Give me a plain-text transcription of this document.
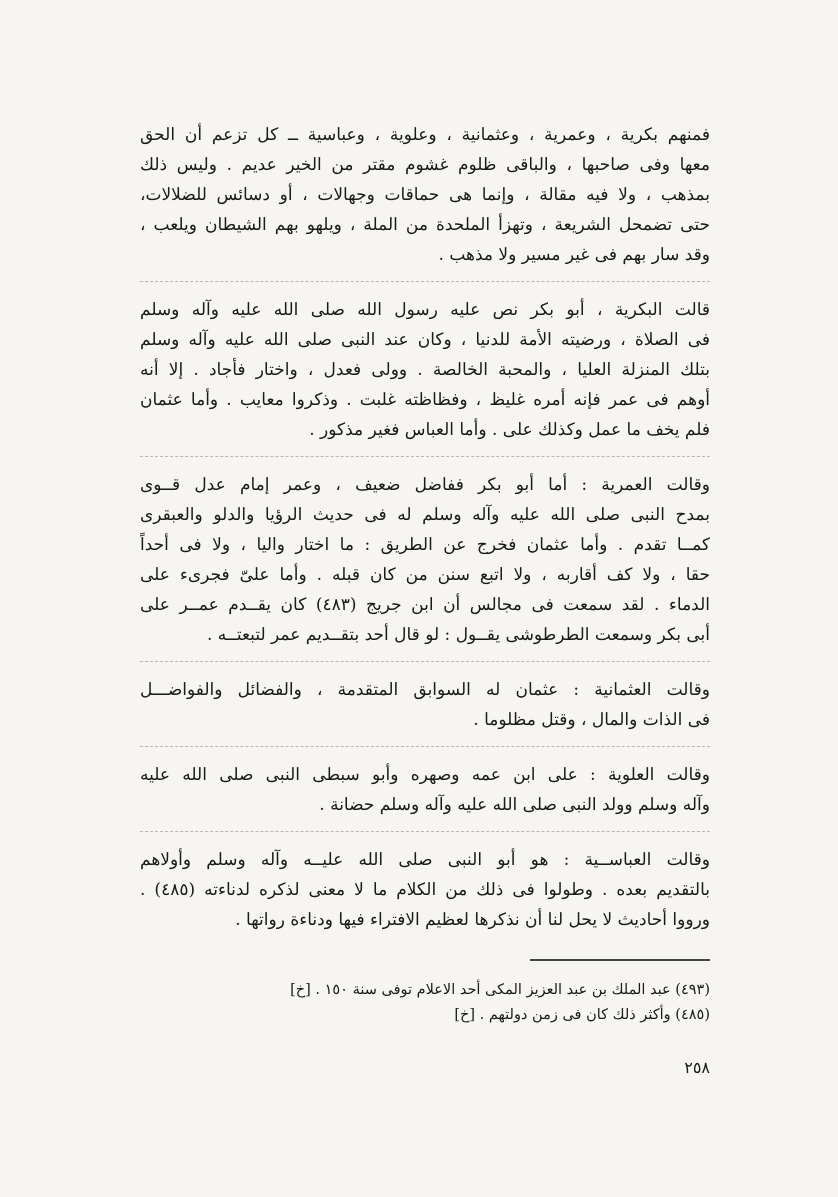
فمنهم بكرية ، وعمرية ، وعثمانية ، وعلوية ، وعباسية ــ كل تزعم أن الحق
معها وفى صاحبها ، والباقى ظلوم غشوم مقتر من الخير عديم . وليس ذلك
بمذهب ، ولا فيه مقالة ، وإنما هى حماقات وجهالات ، أو دسائس للضلالات،
حتى تضمحل الشريعة ، وتهزأ الملحدة من الملة ، ويلهو بهم الشيطان ويلعب ،
وقد سار بهم فى غير مسير ولا مذهب .
قالت البكرية ، أبو بكر نص عليه رسول الله صلى الله عليه وآله وسلم
فى الصلاة ، ورضيته الأمة للدنيا ، وكان عند النبى صلى الله عليه وآله وسلم
بتلك المنزلة العليا ، والمحبة الخالصة . وولى فعدل ، واختار فأجاد . إلا أنه
أوهم فى عمر فإنه أمره غليظ ، وفظاظته غلبت . وذكروا معايب . وأما عثمان
فلم يخف ما عمل وكذلك على . وأما العباس فغير مذكور .
وقالت العمرية : أما أبو بكر ففاضل ضعيف ، وعمر إمام عدل قــوى
بمدح النبى صلى الله عليه وآله وسلم له فى حديث الرؤيا والدلو والعبقرى
كمــا تقدم . وأما عثمان فخرج عن الطريق : ما اختار واليا ، ولا فى أحداً
حقا ، ولا كف أقاربه ، ولا اتبع سنن من كان قبله . وأما علىّ فجرىء على
الدماء . لقد سمعت فى مجالس أن ابن جريج (٤٨٣) كان يقــدم عمــر على
أبى بكر وسمعت الطرطوشى يقــول : لو قال أحد بتقــديم عمر لتبعتــه .
وقالت العثمانية : عثمان له السوابق المتقدمة ، والفضائل والفواضـــل
فى الذات والمال ، وقتل مظلوما .
وقالت العلوية : على ابن عمه وصهره وأبو سبطى النبى صلى الله عليه
وآله وسلم وولد النبى صلى الله عليه وآله وسلم حضانة .
وقالت العباســية : هو أبو النبى صلى الله عليــه وآله وسلم وأولاهم
بالتقديم بعده . وطولوا فى ذلك من الكلام ما لا معنى لذكره لدناءته (٤٨٥) .
ورووا أحاديث لا يحل لنا أن نذكرها لعظيم الافتراء فيها ودناءة رواتها .
(٤٩٣) عبد الملك بن عبد العزيز المكى أحد الاعلام توفى سنة ١٥٠ . [خ]
(٤٨٥) وأكثر ذلك كان فى زمن دولتهم . [خ]
٢٥٨
